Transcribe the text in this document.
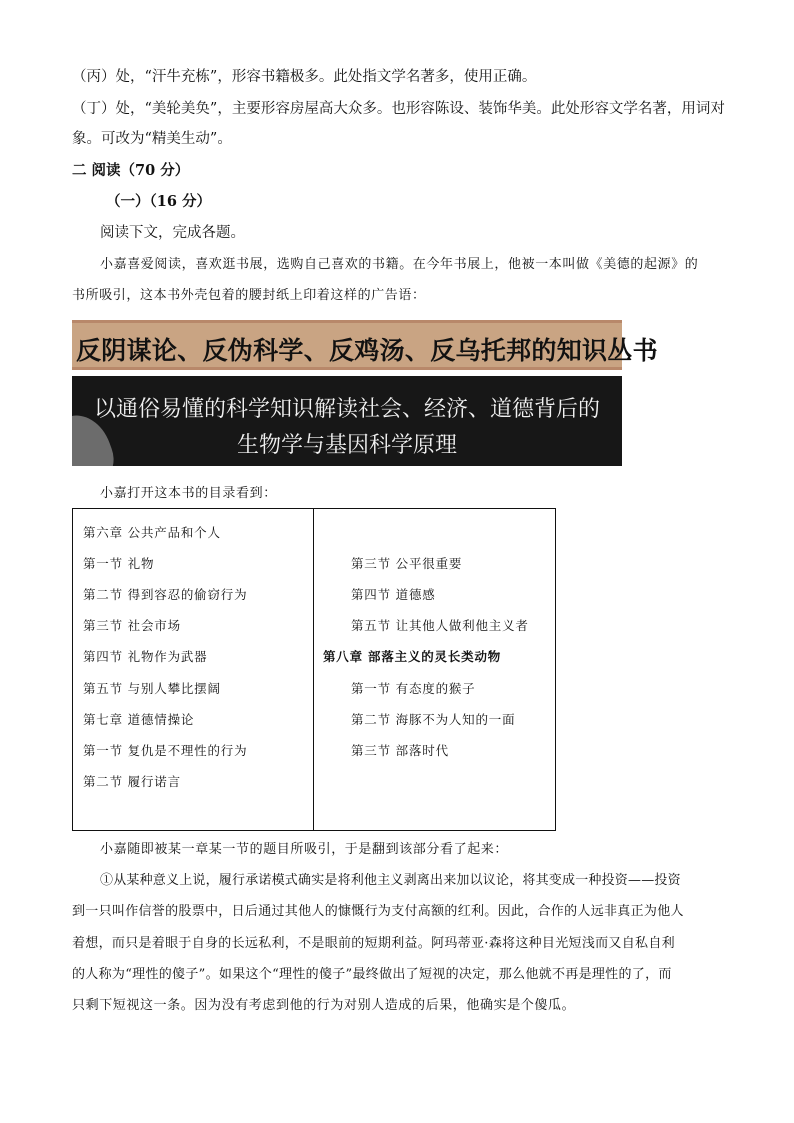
（丙）处，“汗牛充栋”，形容书籍极多。此处指文学名著多，使用正确。
（丁）处，“美轮美奂”，主要形容房屋高大众多。也形容陈设、装饰华美。此处形容文学名著，用词对
象。可改为“精美生动”。
二 阅读（70 分）
（一）（16 分）
阅读下文，完成各题。
小嘉喜爱阅读，喜欢逛书展，选购自己喜欢的书籍。在今年书展上，他被一本叫做《美德的起源》的
书所吸引，这本书外壳包着的腰封纸上印着这样的广告语：
反阴谋论、反伪科学、反鸡汤、反乌托邦的知识丛书
以通俗易懂的科学知识解读社会、经济、道德背后的
生物学与基因科学原理
小嘉打开这本书的目录看到：
第六章 公共产品和个人
第一节 礼物
第二节 得到容忍的偷窃行为
第三节 社会市场
第四节 礼物作为武器
第五节 与别人攀比摆阔
第七章 道德情操论
第一节 复仇是不理性的行为
第二节 履行诺言
第三节 公平很重要
第四节 道德感
第五节 让其他人做利他主义者
第八章 部落主义的灵长类动物
第一节 有态度的猴子
第二节 海豚不为人知的一面
第三节 部落时代
小嘉随即被某一章某一节的题目所吸引，于是翻到该部分看了起来：
①从某种意义上说，履行承诺模式确实是将利他主义剥离出来加以议论，将其变成一种投资——投资
到一只叫作信誉的股票中，日后通过其他人的慷慨行为支付高额的红利。因此，合作的人远非真正为他人
着想，而只是着眼于自身的长远私利，不是眼前的短期利益。阿玛蒂亚·森将这种目光短浅而又自私自利
的人称为“理性的傻子”。如果这个“理性的傻子”最终做出了短视的决定，那么他就不再是理性的了，而
只剩下短视这一条。因为没有考虑到他的行为对别人造成的后果，他确实是个傻瓜。
